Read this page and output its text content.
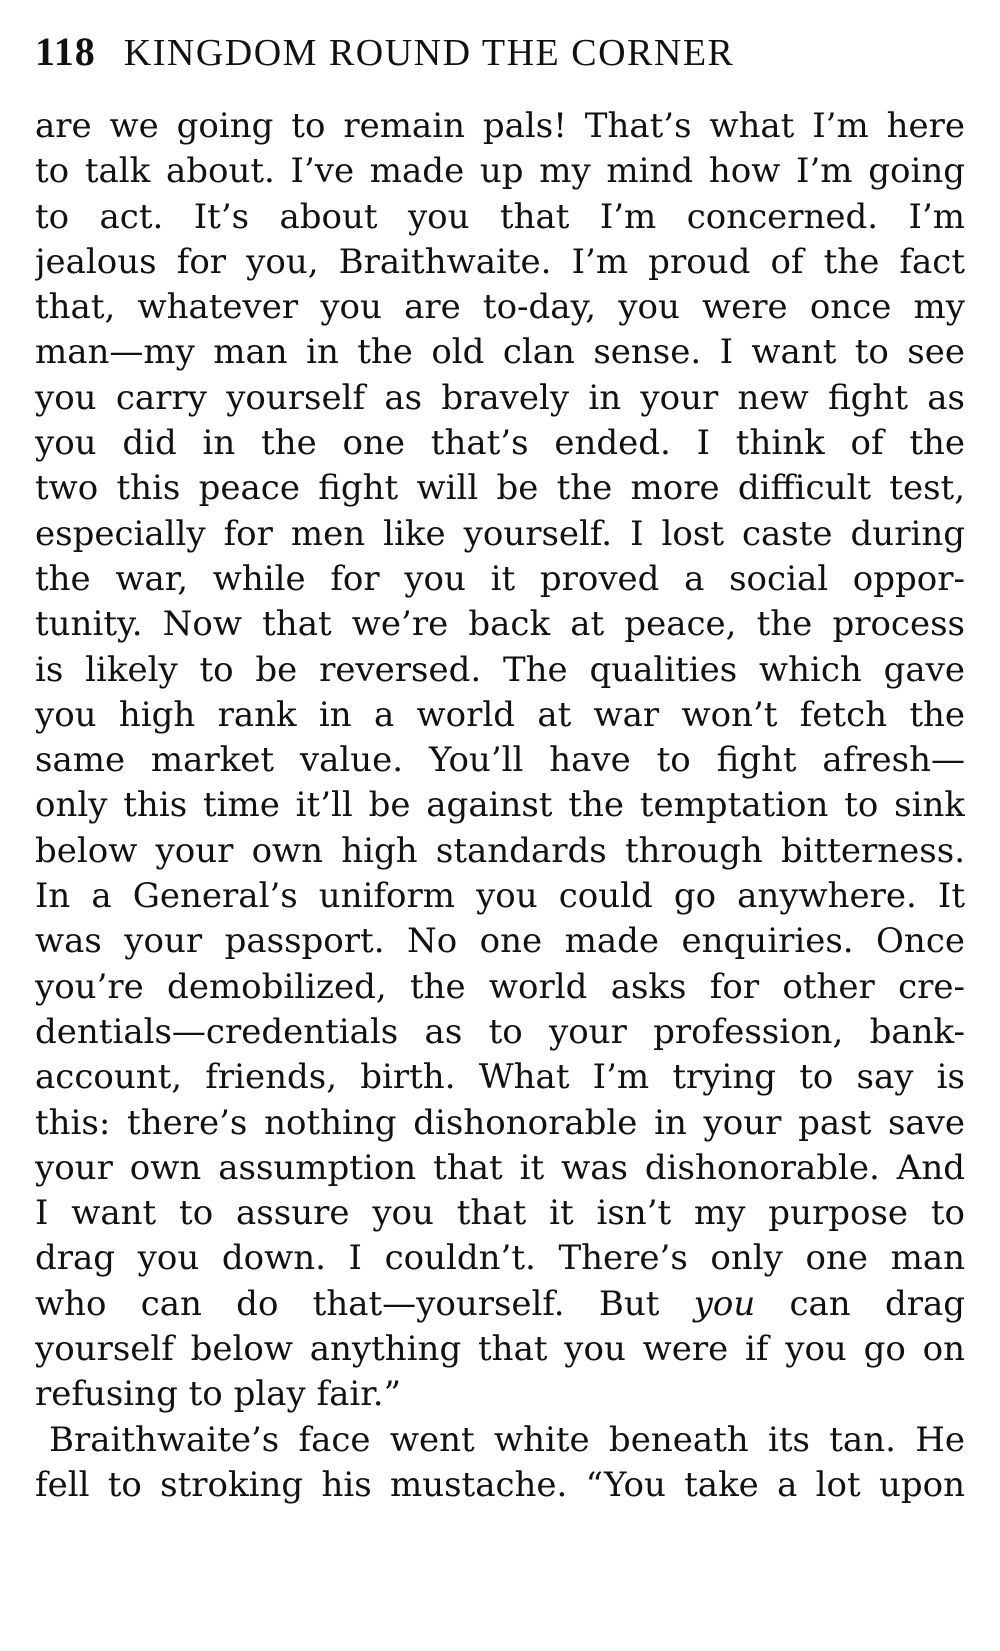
118 KINGDOM ROUND THE CORNER
are we going to remain pals! That’s what I’m here
to talk about. I’ve made up my mind how I’m going
to act. It’s about you that I’m concerned. I’m
jealous for you, Braithwaite. I’m proud of the fact
that, whatever you are to-day, you were once my
man—my man in the old clan sense. I want to see
you carry yourself as bravely in your new fight as
you did in the one that’s ended. I think of the
two this peace fight will be the more difficult test,
especially for men like yourself. I lost caste during
the war, while for you it proved a social oppor-
tunity. Now that we’re back at peace, the process
is likely to be reversed. The qualities which gave
you high rank in a world at war won’t fetch the
same market value. You’ll have to fight afresh—
only this time it’ll be against the temptation to sink
below your own high standards through bitterness.
In a General’s uniform you could go anywhere. It
was your passport. No one made enquiries. Once
you’re demobilized, the world asks for other cre-
dentials—credentials as to your profession, bank-
account, friends, birth. What I’m trying to say is
this: there’s nothing dishonorable in your past save
your own assumption that it was dishonorable. And
I want to assure you that it isn’t my purpose to
drag you down. I couldn’t. There’s only one man
who can do that—yourself. But you can drag
yourself below anything that you were if you go on
refusing to play fair.”
Braithwaite’s face went white beneath its tan. He
fell to stroking his mustache. “You take a lot upon
